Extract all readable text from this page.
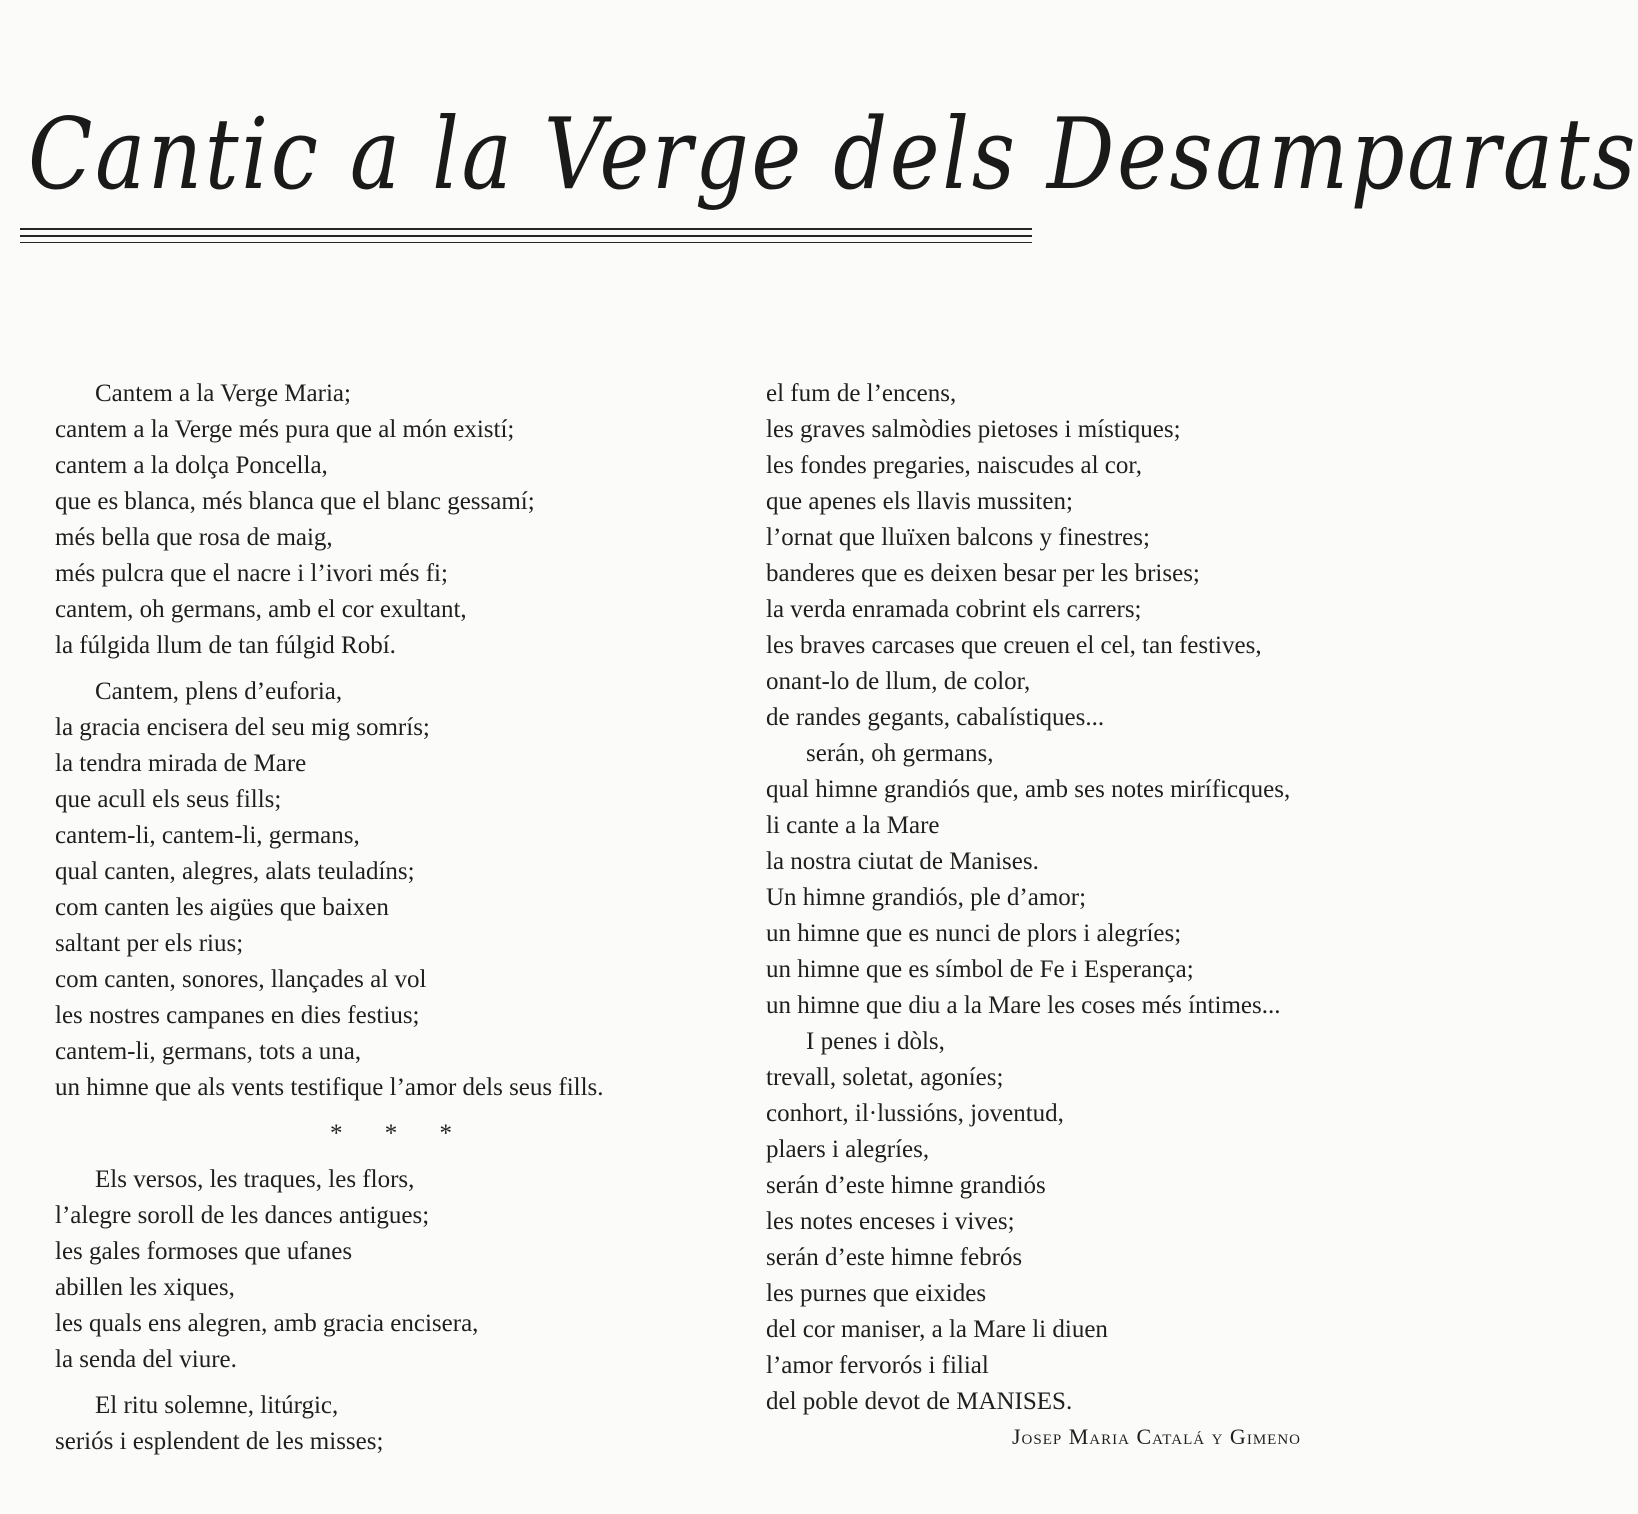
Cantic a la Verge dels Desamparats
Cantem a la Verge Maria;
cantem a la Verge més pura que al món existí;
cantem a la dolça Poncella,
que es blanca, més blanca que el blanc gessamí;
més bella que rosa de maig,
més pulcra que el nacre i l’ivori més fi;
cantem, oh germans, amb el cor exultant,
la fúlgida llum de tan fúlgid Robí.
Cantem, plens d’euforia,
la gracia encisera del seu mig somrís;
la tendra mirada de Mare
que acull els seus fills;
cantem-li, cantem-li, germans,
qual canten, alegres, alats teuladíns;
com canten les aigües que baixen
saltant per els rius;
com canten, sonores, llançades al vol
les nostres campanes en dies festius;
cantem-li, germans, tots a una,
un himne que als vents testifique l’amor dels seus fills.
* * *
Els versos, les traques, les flors,
l’alegre soroll de les dances antigues;
les gales formoses que ufanes
abillen les xiques,
les quals ens alegren, amb gracia encisera,
la senda del viure.
El ritu solemne, litúrgic,
seriós i esplendent de les misses;
el fum de l’encens,
les graves salmòdies pietoses i místiques;
les fondes pregaries, naiscudes al cor,
que apenes els llavis mussiten;
l’ornat que lluïxen balcons y finestres;
banderes que es deixen besar per les brises;
la verda enramada cobrint els carrers;
les braves carcases que creuen el cel, tan festives,
onant-lo de llum, de color,
de randes gegants, cabalístiques...
serán, oh germans,
qual himne grandiós que, amb ses notes miríficques,
li cante a la Mare
la nostra ciutat de Manises.
Un himne grandiós, ple d’amor;
un himne que es nunci de plors i alegríes;
un himne que es símbol de Fe i Esperança;
un himne que diu a la Mare les coses més íntimes...
I penes i dòls,
trevall, soletat, agoníes;
conhort, il·lussións, joventud,
plaers i alegríes,
serán d’este himne grandiós
les notes enceses i vives;
serán d’este himne febrós
les purnes que eixides
del cor maniser, a la Mare li diuen
l’amor fervorós i filial
del poble devot de MANISES.
Josep Maria Catalá y Gimeno
